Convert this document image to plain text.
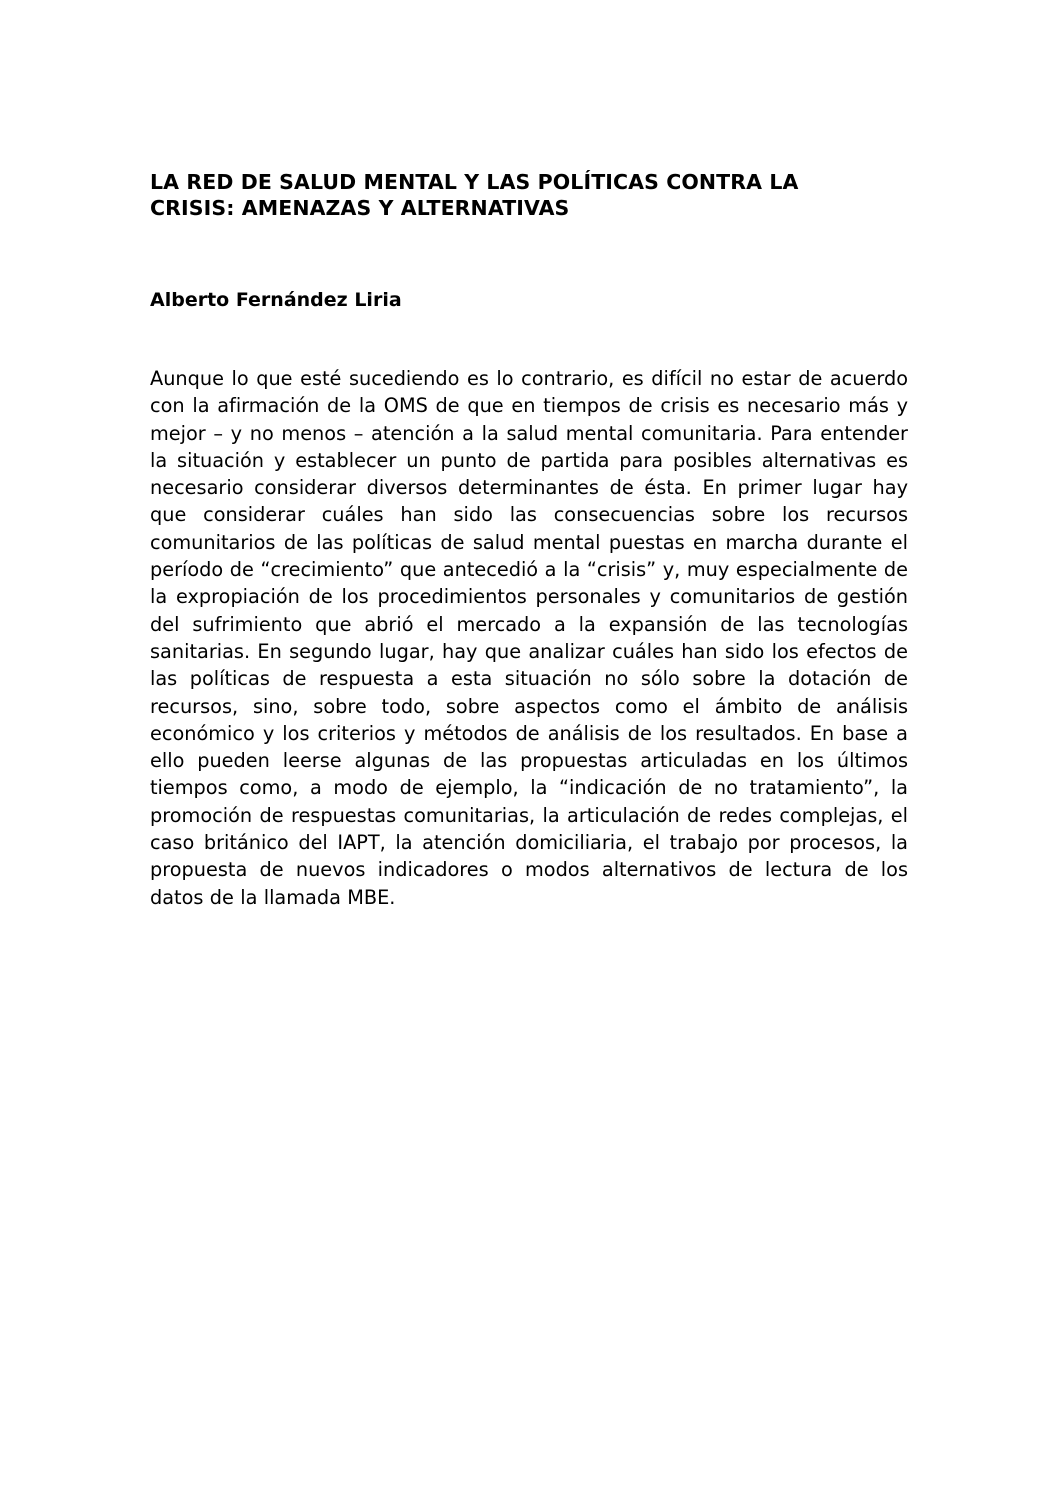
LA RED DE SALUD MENTAL Y LAS POLÍTICAS CONTRA LA
CRISIS: AMENAZAS Y ALTERNATIVAS

Alberto Fernández Liria

Aunque lo que esté sucediendo es lo contrario, es difícil no estar de acuerdo con la afirmación de la OMS de que en tiempos de crisis es necesario más y mejor – y no menos – atención a la salud mental comunitaria. Para entender la situación y establecer un punto de partida para posibles alternativas es necesario considerar diversos determinantes de ésta. En primer lugar hay que considerar cuáles han sido las consecuencias sobre los recursos comunitarios de las políticas de salud mental puestas en marcha durante el período de “crecimiento” que antecedió a la “crisis” y, muy especialmente de la expropiación de los procedimientos personales y comunitarios de gestión del sufrimiento que abrió el mercado a la expansión de las tecnologías sanitarias. En segundo lugar, hay que analizar cuáles han sido los efectos de las políticas de respuesta a esta situación no sólo sobre la dotación de recursos, sino, sobre todo, sobre aspectos como el ámbito de análisis económico y los criterios y métodos de análisis de los resultados. En base a ello pueden leerse algunas de las propuestas articuladas en los últimos tiempos como, a modo de ejemplo, la “indicación de no tratamiento”, la promoción de respuestas comunitarias, la articulación de redes complejas, el caso británico del IAPT, la atención domiciliaria, el trabajo por procesos, la propuesta de nuevos indicadores o modos alternativos de lectura de los datos de la llamada MBE.
